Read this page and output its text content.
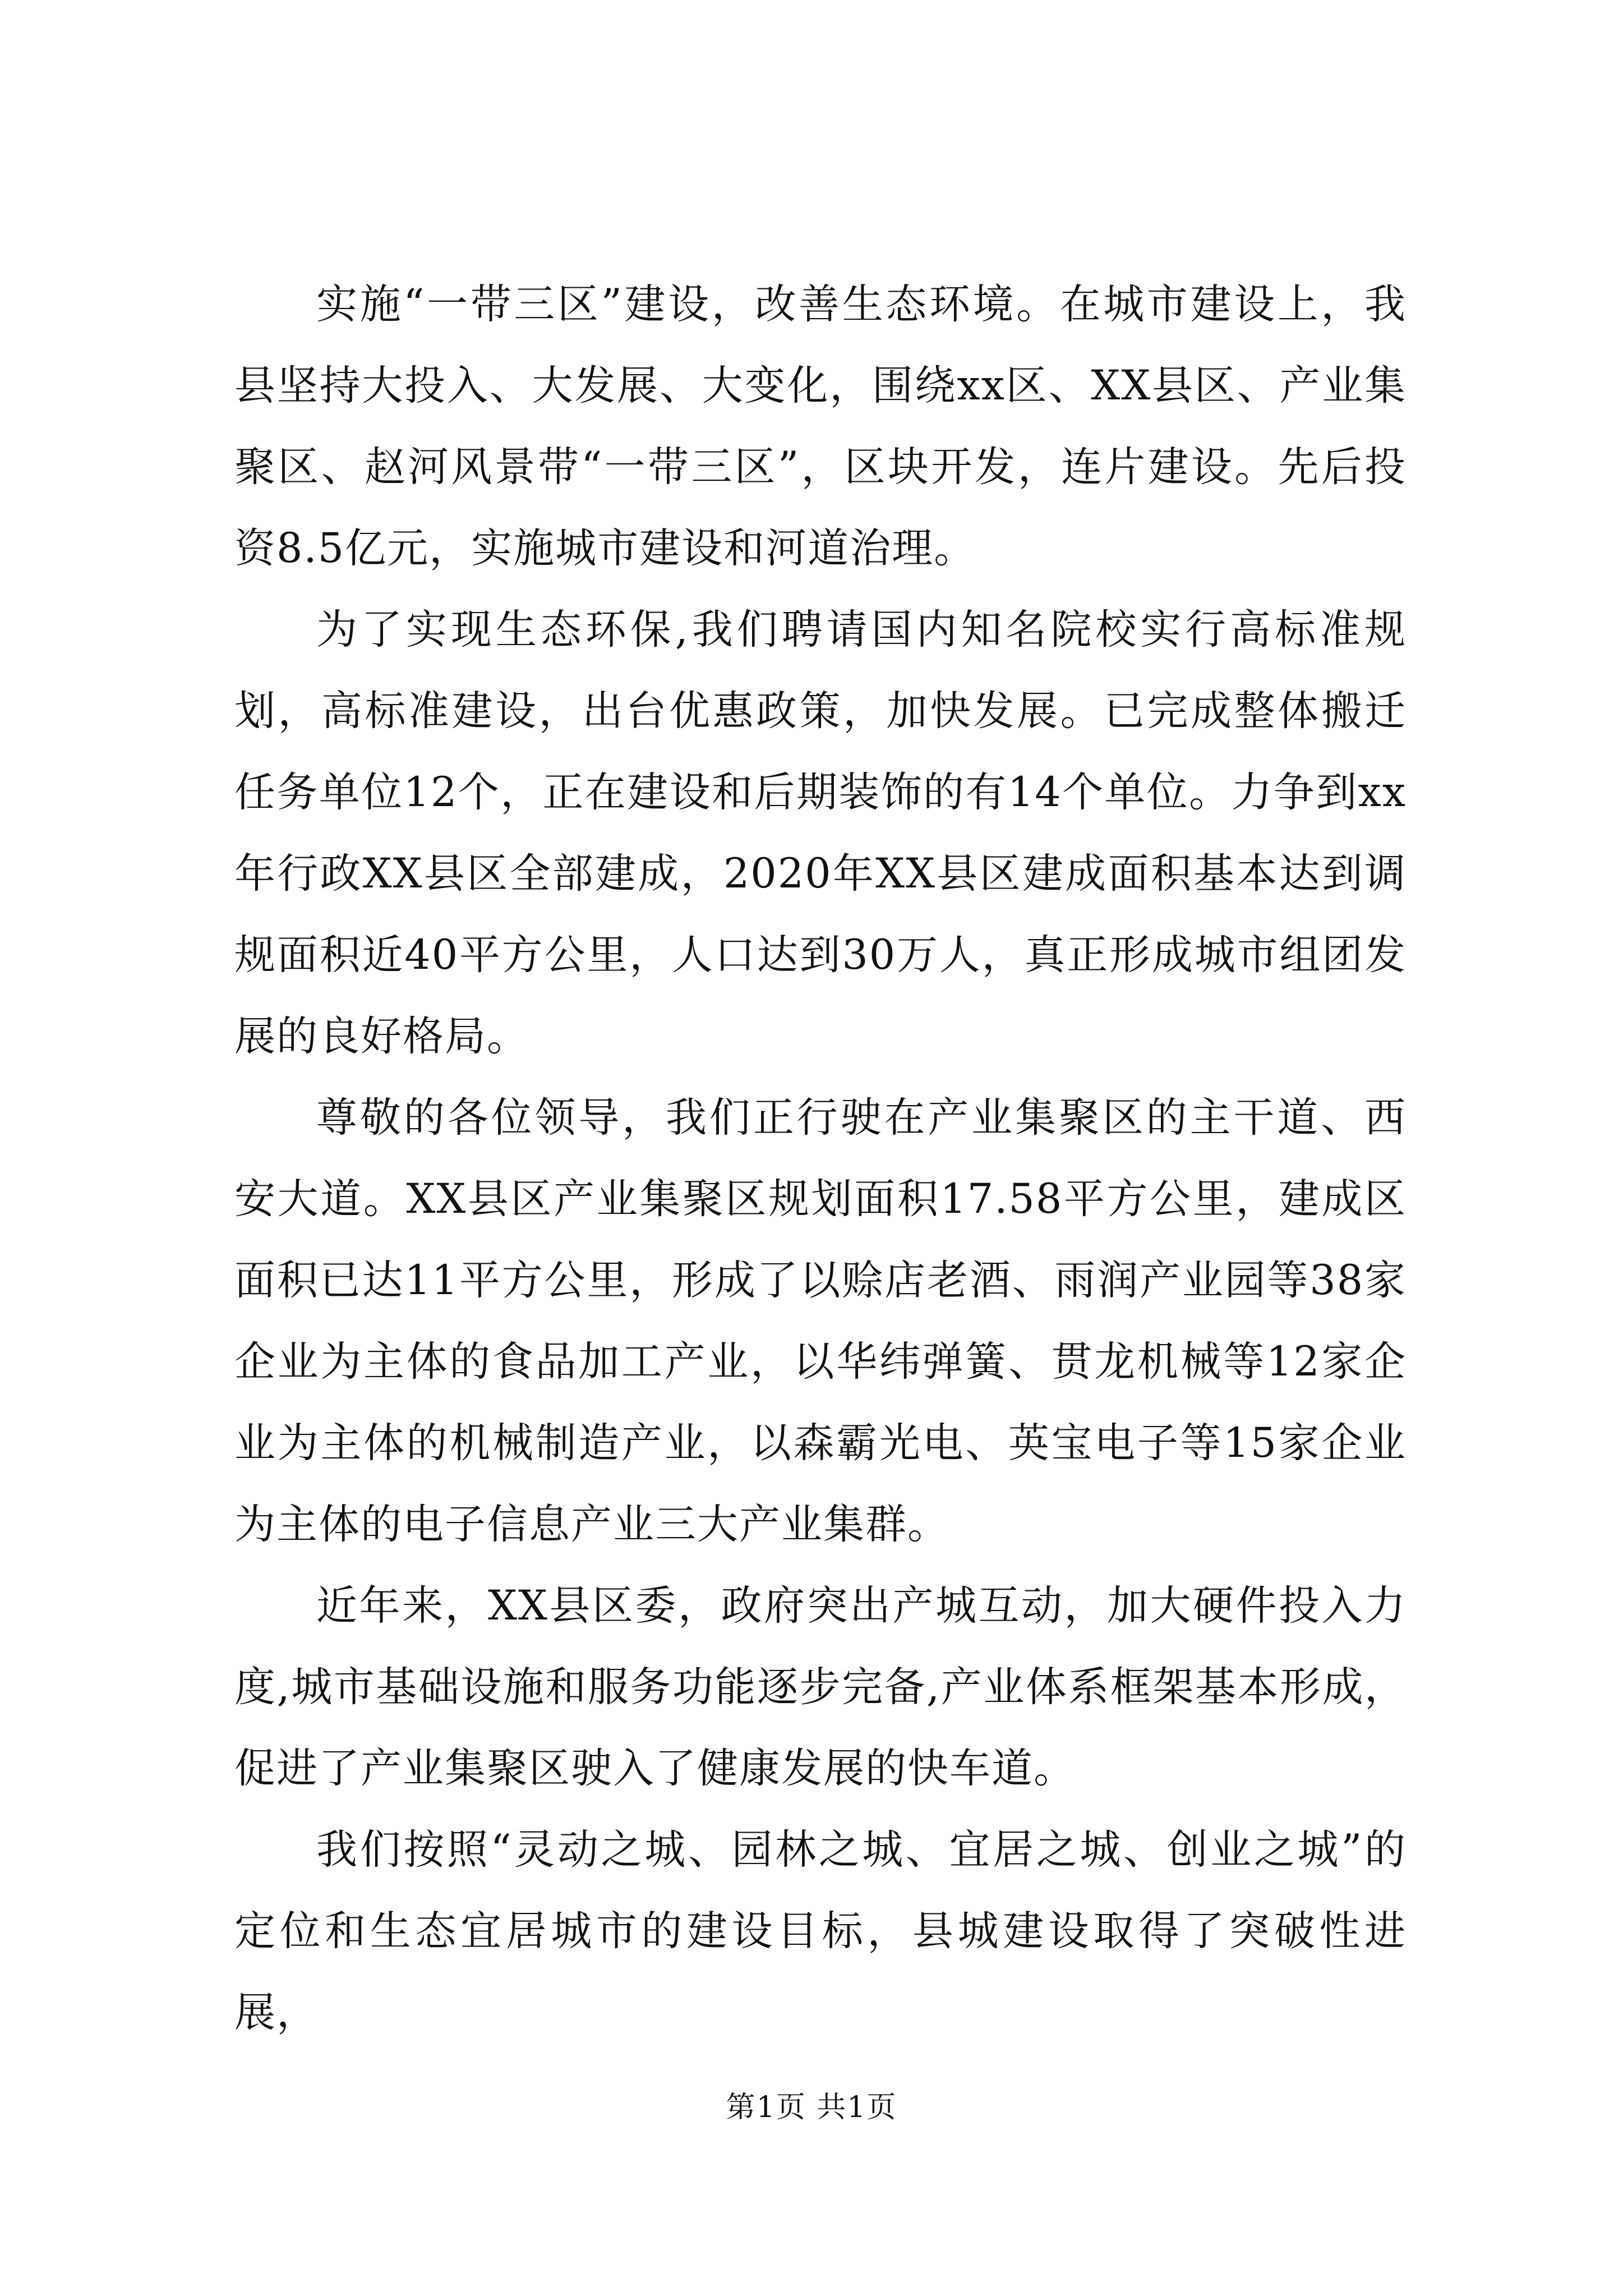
实施“一带三区”建设，改善生态环境。在城市建设上，我县坚持大投入、大发展、大变化，围绕xx区、XX县区、产业集聚区、赵河风景带“一带三区”，区块开发，连片建设。先后投资8.5亿元，实施城市建设和河道治理。

为了实现生态环保,我们聘请国内知名院校实行高标准规划，高标准建设，出台优惠政策，加快发展。已完成整体搬迁任务单位12个，正在建设和后期装饰的有14个单位。力争到xx年行政XX县区全部建成，2020年XX县区建成面积基本达到调规面积近40平方公里，人口达到30万人，真正形成城市组团发展的良好格局。

尊敬的各位领导，我们正行驶在产业集聚区的主干道、西安大道。XX县区产业集聚区规划面积17.58平方公里，建成区面积已达11平方公里，形成了以赊店老酒、雨润产业园等38家企业为主体的食品加工产业，以华纬弹簧、贯龙机械等12家企业为主体的机械制造产业，以森霸光电、英宝电子等15家企业为主体的电子信息产业三大产业集群。

近年来，XX县区委，政府突出产城互动，加大硬件投入力度,城市基础设施和服务功能逐步完备,产业体系框架基本形成，促进了产业集聚区驶入了健康发展的快车道。

我们按照“灵动之城、园林之城、宜居之城、创业之城”的定位和生态宜居城市的建设目标，县城建设取得了突破性进展，

第1页 共1页
